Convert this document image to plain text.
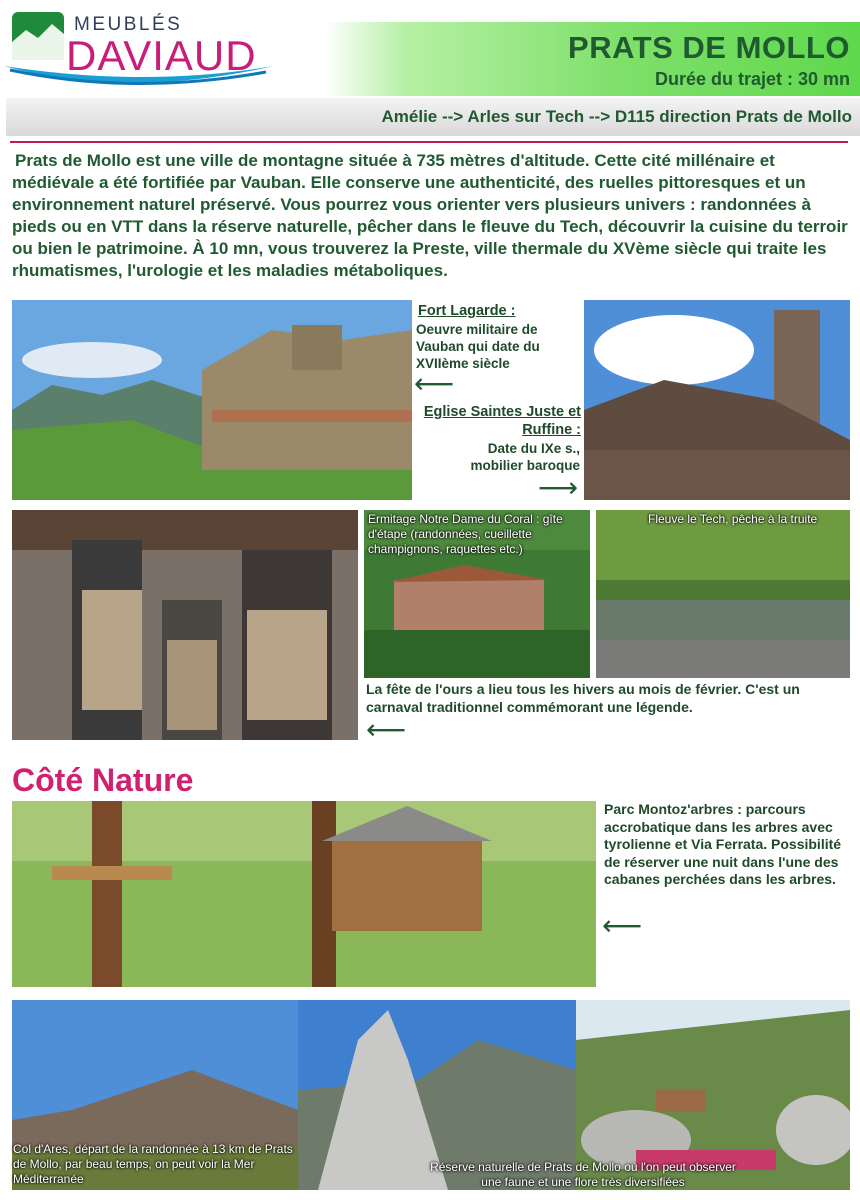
MEUBLÉS
DAVIAUD	PRATS DE MOLLO
Durée du trajet : 30 mn
Amélie --> Arles sur Tech --> D115 direction Prats de Mollo

Prats de Mollo est une ville de montagne située à 735 mètres d'altitude. Cette cité millénaire et médiévale a été fortifiée par Vauban. Elle conserve une authenticité, des ruelles pittoresques et un environnement naturel préservé. Vous pourrez vous orienter vers plusieurs univers : randonnées à pieds ou en VTT dans la réserve naturelle, pêcher dans le fleuve du Tech, découvrir la cuisine du terroir ou bien le patrimoine. À 10 mn, vous trouverez la Preste, ville thermale du XVème siècle qui traite les rhumatismes, l'urologie et les maladies métaboliques.

Fort Lagarde :
Oeuvre militaire de Vauban qui date du XVIIème siècle
⟵
Eglise Saintes Juste et Ruffine :
Date du IXe s., mobilier baroque
⟶
Ermitage Notre Dame du Coral : gîte d'étape (randonnées, cueillette champignons, raquettes etc.)
Fleuve le Tech, pêche à la truite
La fête de l'ours a lieu tous les hivers au mois de février. C'est un carnaval traditionnel commémorant une légende.
⟵
Côté Nature
Parc Montoz'arbres : parcours accrobatique dans les arbres avec tyrolienne et Via Ferrata. Possibilité de réserver une nuit dans l'une des cabanes perchées dans les arbres.
⟵
Col d'Ares, départ de la randonnée à 13 km de Prats de Mollo, par beau temps, on peut voir la Mer Méditerranée
Réserve naturelle de Prats de Mollo où l'on peut observer une faune et une flore très diversifiées
